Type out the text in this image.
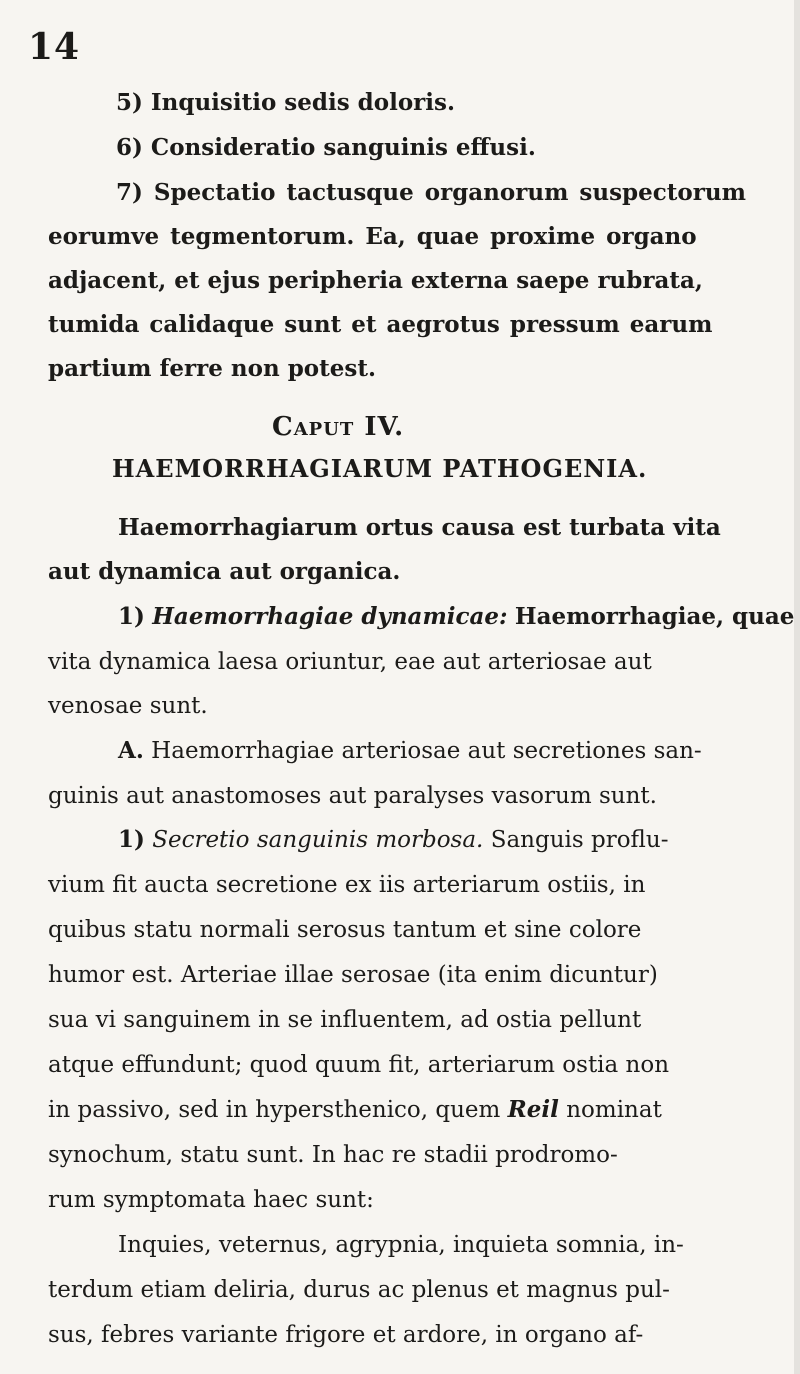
14
5) Inquisitio sedis doloris.
6) Consideratio sanguinis effusi.
7) Spectatio tactusque organorum suspectorum
eorumve tegmentorum. Ea, quae proxime organo
adjacent, et ejus peripheria externa saepe rubrata,
tumida calidaque sunt et aegrotus pressum earum
partium ferre non potest.
Caput IV.
HAEMORRHAGIARUM PATHOGENIA.
Haemorrhagiarum ortus causa est turbata vita
aut dynamica aut organica.
1) Haemorrhagiae dynamicae: Haemorrhagiae, quae
vita dynamica laesa oriuntur, eae aut arteriosae aut
venosae sunt.
A. Haemorrhagiae arteriosae aut secretiones san-
guinis aut anastomoses aut paralyses vasorum sunt.
1) Secretio sanguinis morbosa. Sanguis proflu-
vium fit aucta secretione ex iis arteriarum ostiis, in
quibus statu normali serosus tantum et sine colore
humor est. Arteriae illae serosae (ita enim dicuntur)
sua vi sanguinem in se influentem, ad ostia pellunt
atque effundunt; quod quum fit, arteriarum ostia non
in passivo, sed in hypersthenico, quem Reil nominat
synochum, statu sunt. In hac re stadii prodromo-
rum symptomata haec sunt:
Inquies, veternus, agrypnia, inquieta somnia, in-
terdum etiam deliria, durus ac plenus et magnus pul-
sus, febres variante frigore et ardore, in organo af-
